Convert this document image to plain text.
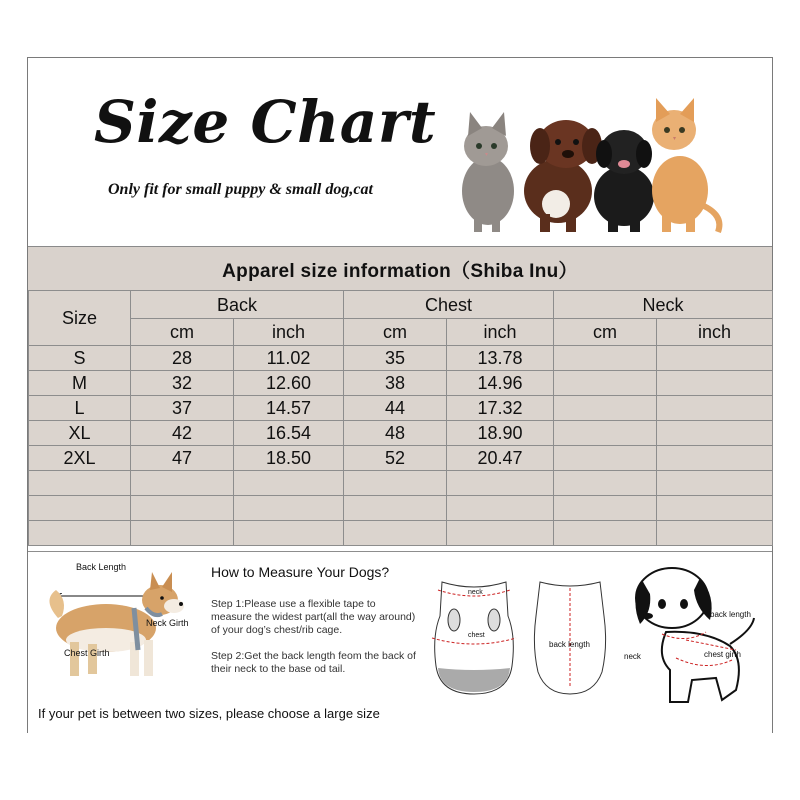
Size Chart

Only fit for small puppy & small dog,cat

Apparel size information（Shiba Inu）
Size	Back		Chest		Neck	
	cm	inch	cm	inch	cm	inch
S	28	11.02	35	13.78		
M	32	12.60	38	14.96		
L	37	14.57	44	17.32		
XL	42	16.54	48	18.90		
2XL	47	18.50	52	20.47		

Back Length
Neck Girth
Chest Girth
How to Measure Your Dogs?
Step 1:Please use a flexible tape to measure the widest part(all the way around) of your dog’s chest/rib cage.
Step 2:Get the back length feom the back of their neck to the base od tail.
neck
chest
back length
back length
neck	chest girth
If your pet is between two sizes, please choose a large size
